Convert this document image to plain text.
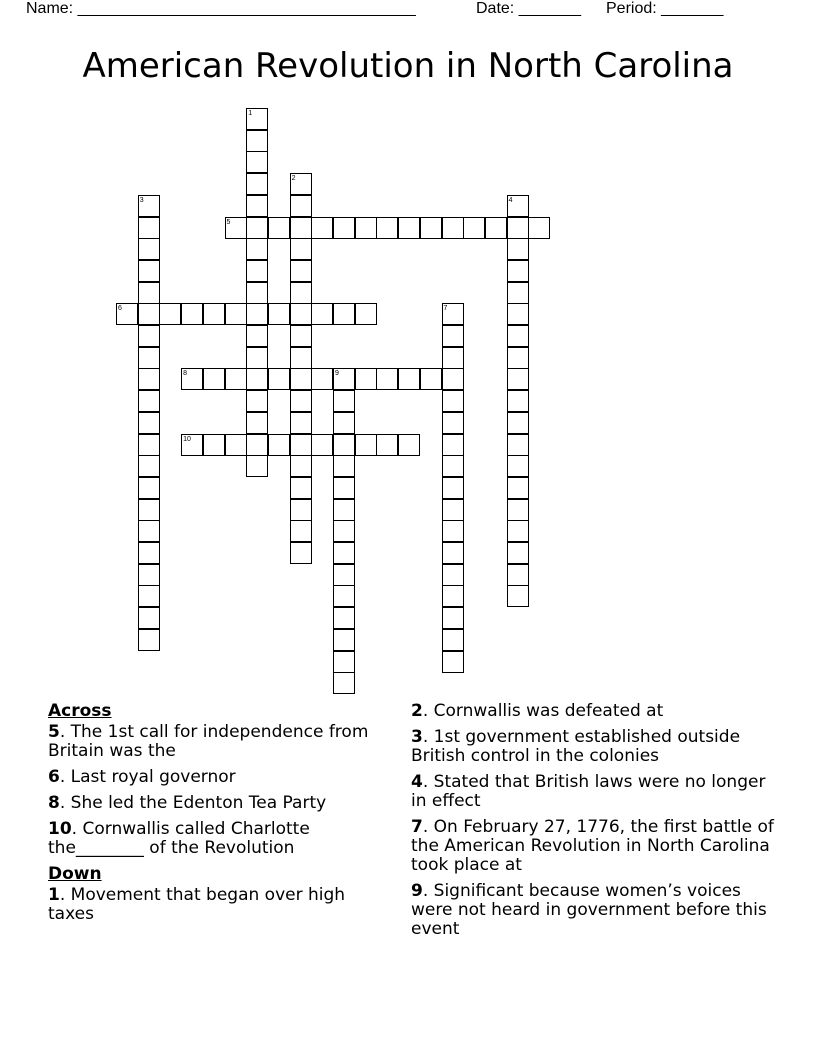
Name: ______________________________________	Date: _______ Period: _______
American Revolution in North Carolina
1
2
3	4
5
6	7
8	9
10
Across
5. The 1st call for independence from Britain was the
6. Last royal governor
8. She led the Edenton Tea Party
10. Cornwallis called Charlotte the________ of the Revolution
Down
1. Movement that began over high taxes
2. Cornwallis was defeated at
3. 1st government established outside British control in the colonies
4. Stated that British laws were no longer in effect
7. On February 27, 1776, the first battle of the American Revolution in North Carolina took place at
9. Significant because women’s voices were not heard in government before this event
